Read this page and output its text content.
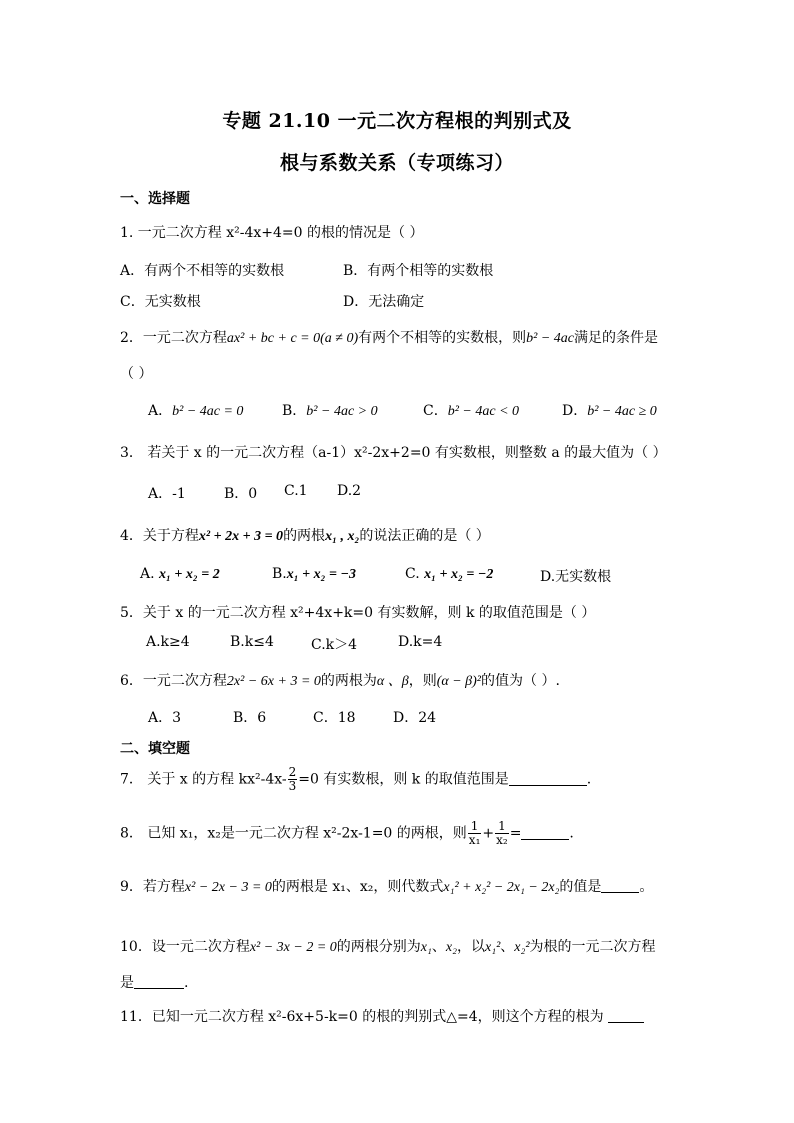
专题 21.10 一元二次方程根的判别式及
根与系数关系（专项练习）
一、选择题
1. 一元二次方程 x²-4x+4=0 的根的情况是（ ）
A．有两个不相等的实数根	B．有两个相等的实数根
C．无实数根	D．无法确定
2．一元二次方程ax² + bc + c = 0(a ≠ 0)有两个不相等的实数根，则b² − 4ac满足的条件是
（ ）
A．b² − 4ac = 0	B．b² − 4ac > 0	C．b² − 4ac < 0	D．b² − 4ac ≥ 0
3． 若关于 x 的一元二次方程（a-1）x²-2x+2=0 有实数根，则整数 a 的最大值为（ ）
A．-1	B．0 C.1 D.2
4．关于方程x² + 2x + 3 = 0的两根x₁ , x₂的说法正确的是（ ）
A. x₁ + x₂ = 2	B.x₁ + x₂ = −3	C. x₁ + x₂ = −2	D.无实数根
5．关于 x 的一元二次方程 x²+4x+k=0 有实数解，则 k 的取值范围是（ ）
A.k≥4	B.k≤4	C.k＞4	D.k=4
6．一元二次方程2x² − 6x + 3 = 0的两根为α 、β，则(α − β)²的值为（ ）.
A．3	B．6	C．18	D．24
二、填空题
7． 关于 x 的方程 $kx^2-4x- \frac{2}{3} =0$ 有实数根，则 k 的取值范围是	.
8． 已知 x₁，x₂是一元二次方程 x²-2x-1=0 的两根，则 $\frac{1}{\text{x₁}} + \frac{1}{\text{x₂}}$ =	.
9．若方程x² − 2x − 3 = 0的两根是 x₁、x₂，则代数式x₁² + x₂² − 2x₁ − 2x₂的值是	。
10．设一元二次方程x² − 3x − 2 = 0的两根分别为x₁、x₂，以x₁²、x₂²为根的一元二次方程
是	.
11．已知一元二次方程 x²-6x+5-k=0 的根的判别式△=4，则这个方程的根为
